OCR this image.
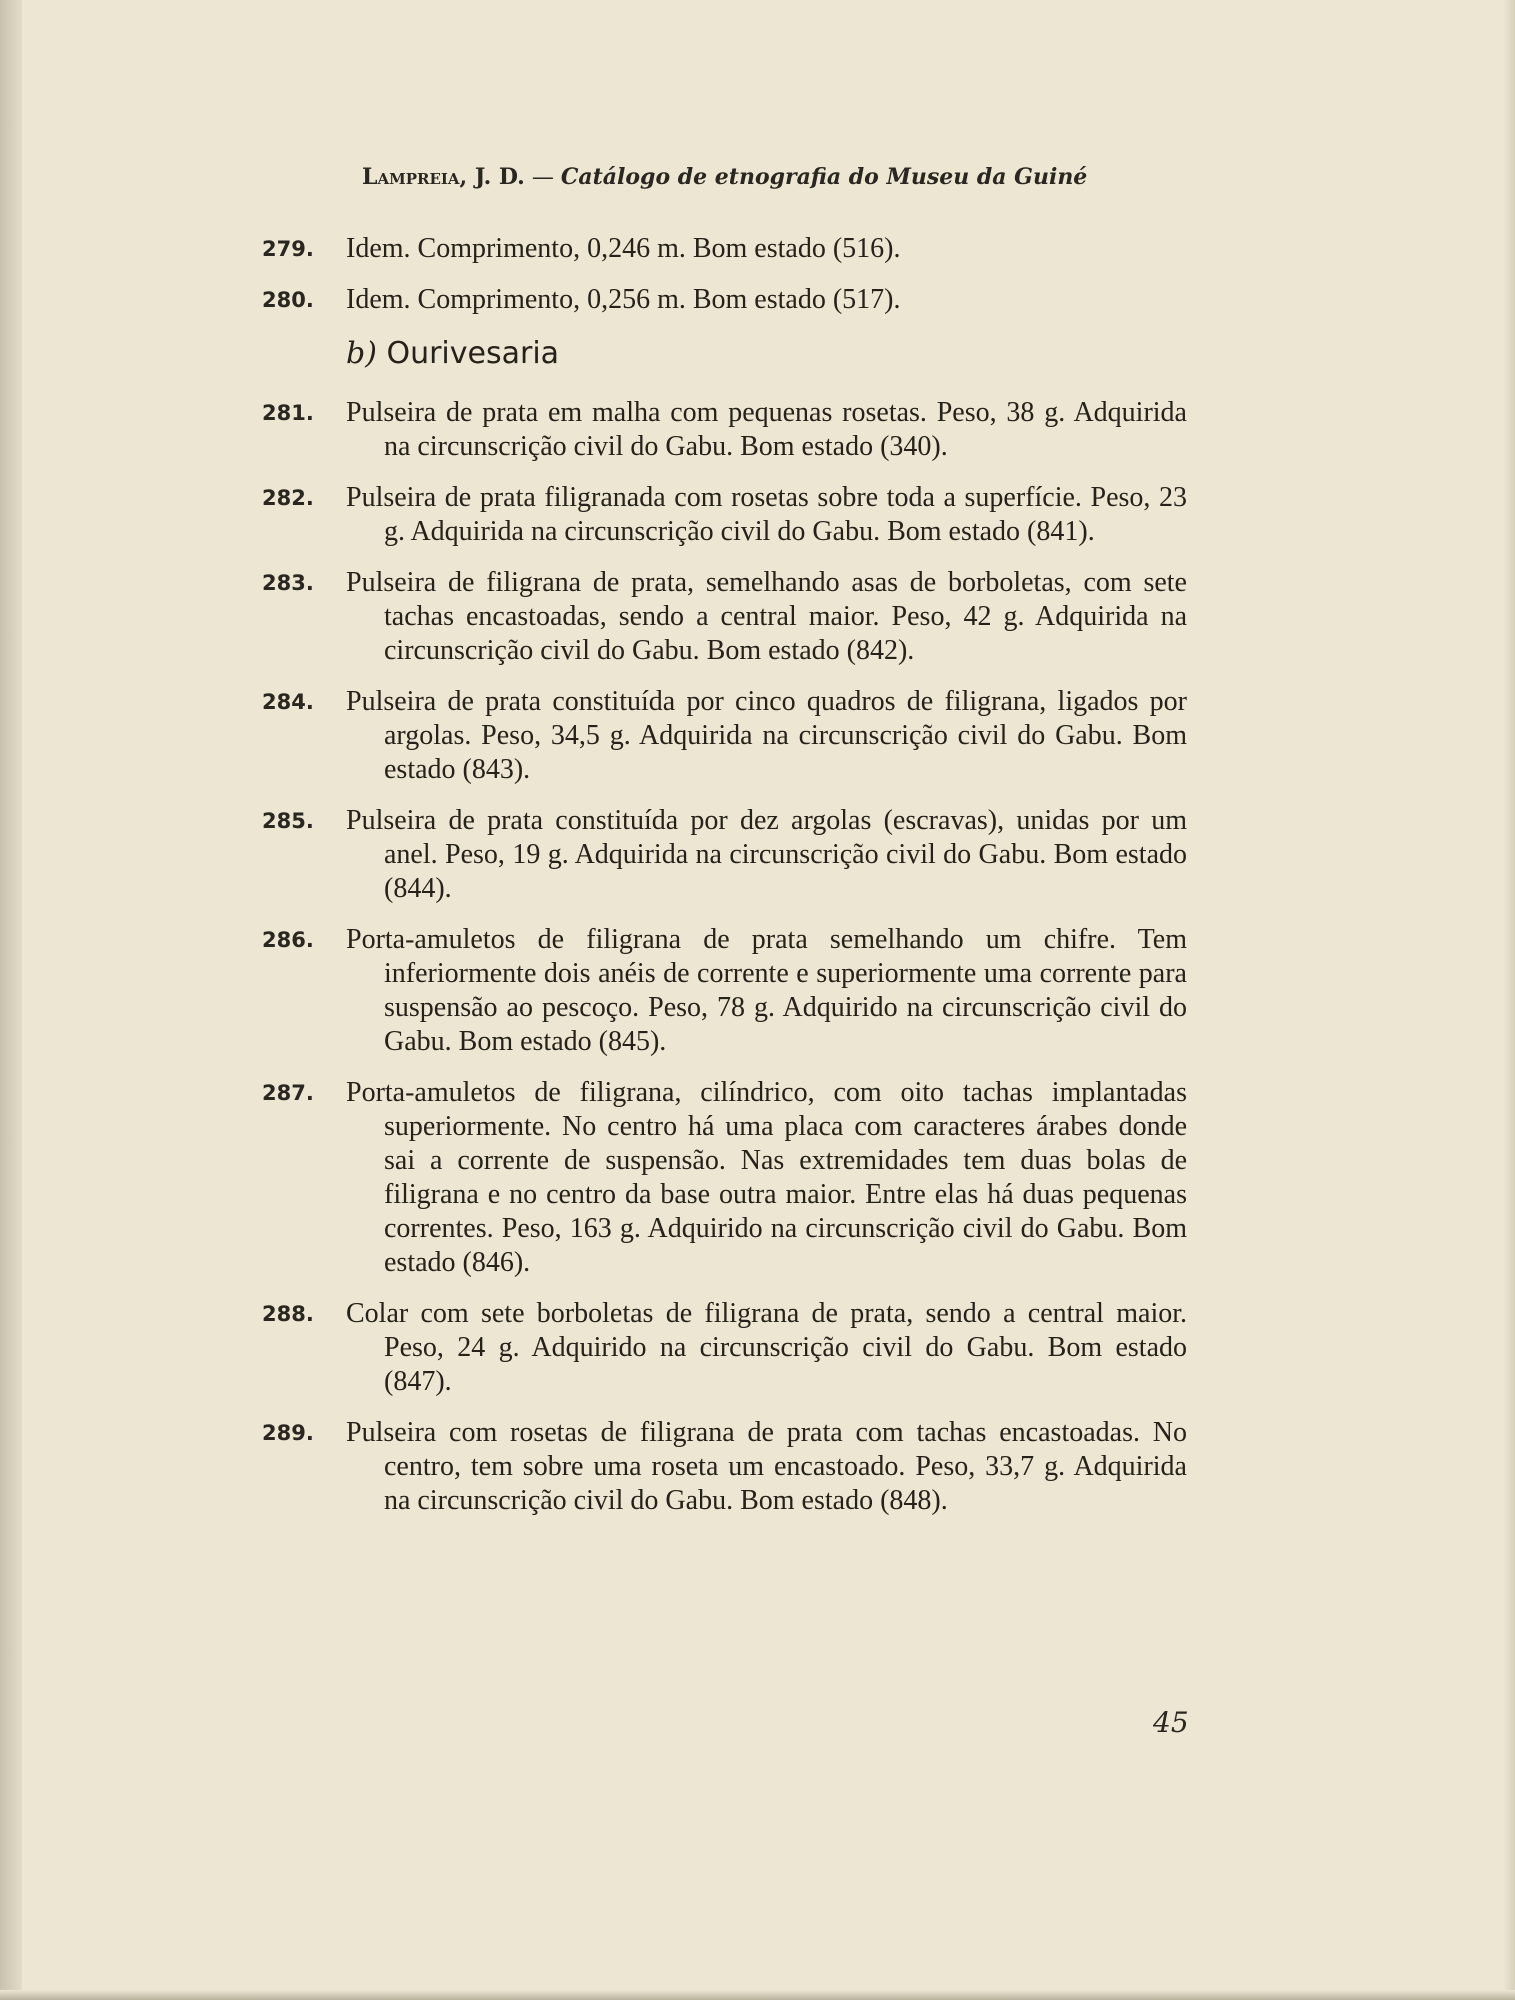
Lampreia, J. D. — Catálogo de etnografia do Museu da Guiné
279.	Idem. Comprimento, 0,246 m. Bom estado (516).
280.	Idem. Comprimento, 0,256 m. Bom estado (517).
b) Ourivesaria
281.	Pulseira de prata em malha com pequenas rosetas. Peso, 38 g. Adquirida na circunscrição civil do Gabu. Bom estado (340).
282.	Pulseira de prata filigranada com rosetas sobre toda a superfície. Peso, 23 g. Adquirida na circunscrição civil do Gabu. Bom estado (841).
283.	Pulseira de filigrana de prata, semelhando asas de borboletas, com sete tachas encastoadas, sendo a central maior. Peso, 42 g. Adquirida na circunscrição civil do Gabu. Bom estado (842).
284.	Pulseira de prata constituída por cinco quadros de filigrana, ligados por argolas. Peso, 34,5 g. Adquirida na circunscrição civil do Gabu. Bom estado (843).
285.	Pulseira de prata constituída por dez argolas (escravas), unidas por um anel. Peso, 19 g. Adquirida na circunscrição civil do Gabu. Bom estado (844).
286.	Porta-amuletos de filigrana de prata semelhando um chifre. Tem inferiormente dois anéis de corrente e superiormente uma corrente para suspensão ao pescoço. Peso, 78 g. Adquirido na circunscrição civil do Gabu. Bom estado (845).
287.	Porta-amuletos de filigrana, cilíndrico, com oito tachas implantadas superiormente. No centro há uma placa com caracteres árabes donde sai a corrente de suspensão. Nas extremidades tem duas bolas de filigrana e no centro da base outra maior. Entre elas há duas pequenas correntes. Peso, 163 g. Adquirido na circunscrição civil do Gabu. Bom estado (846).
288.	Colar com sete borboletas de filigrana de prata, sendo a central maior. Peso, 24 g. Adquirido na circunscrição civil do Gabu. Bom estado (847).
289.	Pulseira com rosetas de filigrana de prata com tachas encastoadas. No centro, tem sobre uma roseta um encastoado. Peso, 33,7 g. Adquirida na circunscrição civil do Gabu. Bom estado (848).
45
